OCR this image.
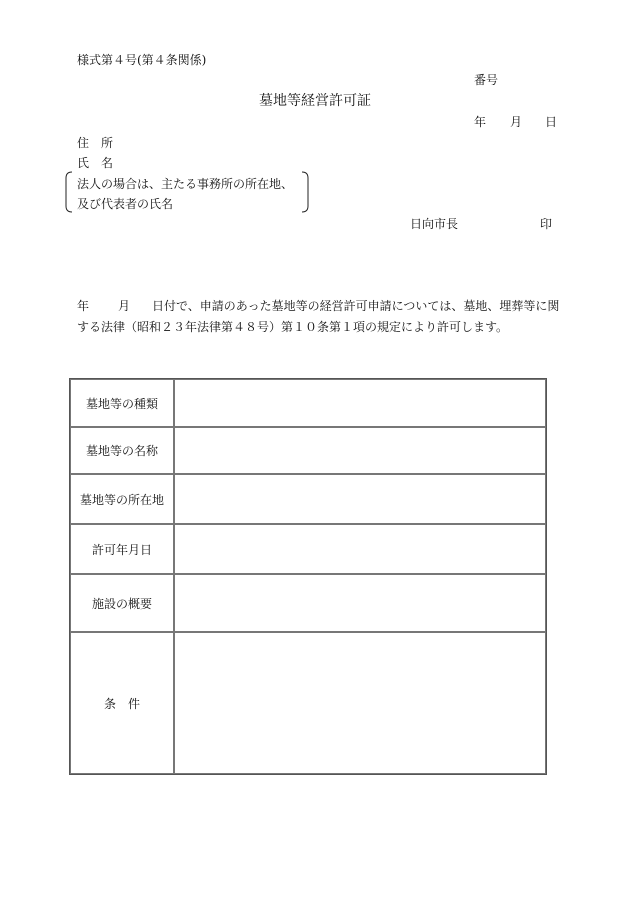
様式第４号(第４条関係)
番号
墓地等経営許可証
年 月 日
住　所
氏　名
法人の場合は、主たる事務所の所在地、
及び代表者の氏名
日向市長	印
年 月 日付で、申請のあった墓地等の経営許可申請については、墓地、埋葬等に関
する法律（昭和２３年法律第４８号）第１０条第１項の規定により許可します。
墓地等の種類	
墓地等の名称	
墓地等の所在地	
許可年月日	
施設の概要	
条　件	
